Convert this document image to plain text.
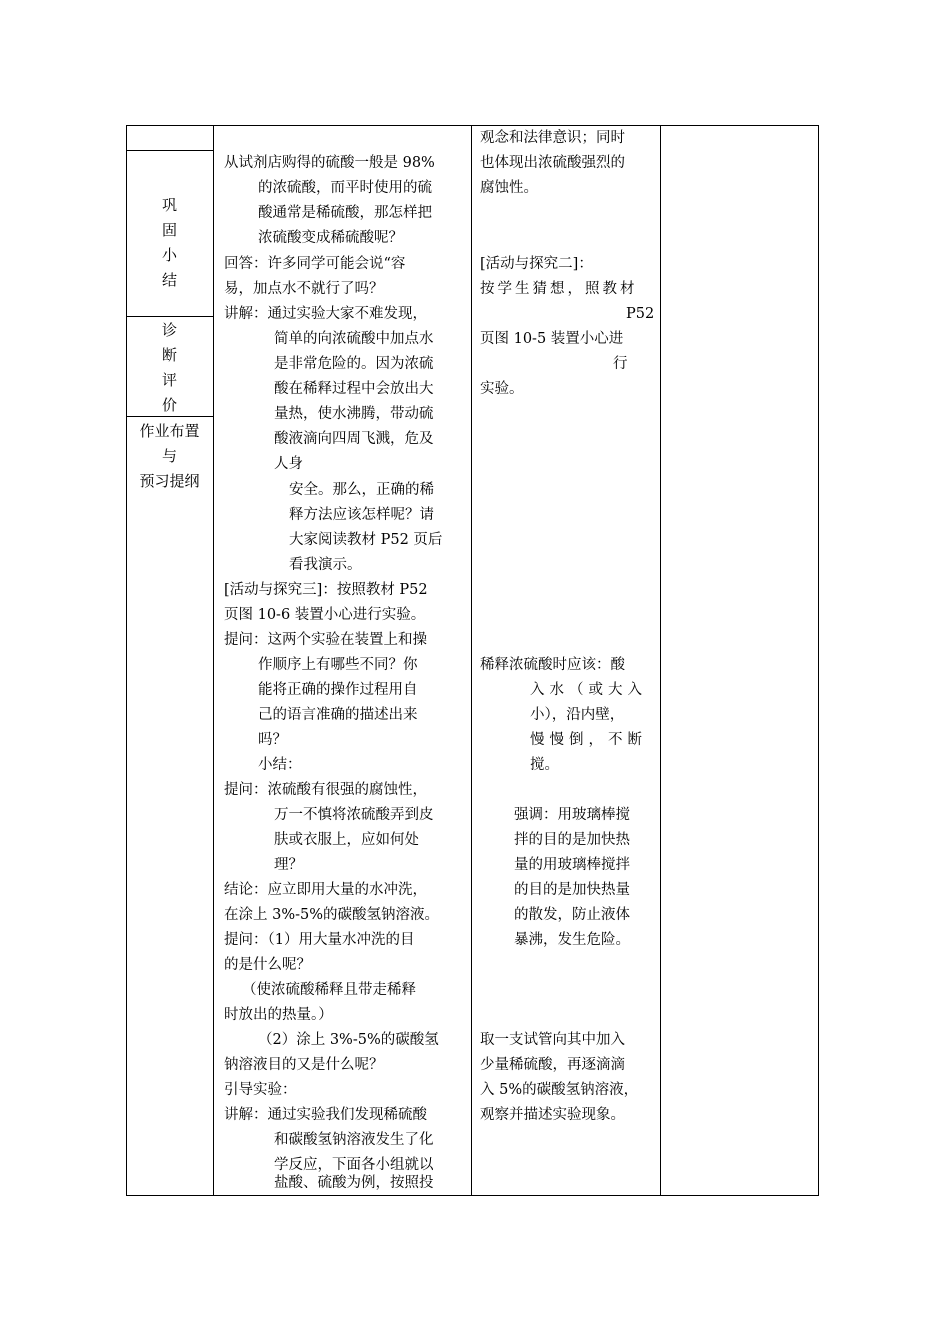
巩
固
小
结
诊
断
评
价
作业布置
与
预习提纲
从试剂店购得的硫酸一般是 98%
的浓硫酸，而平时使用的硫
酸通常是稀硫酸，那怎样把
浓硫酸变成稀硫酸呢？
回答：许多同学可能会说“容
易，加点水不就行了吗？
讲解：通过实验大家不难发现，
简单的向浓硫酸中加点水
是非常危险的。因为浓硫
酸在稀释过程中会放出大
量热，使水沸腾，带动硫
酸液滴向四周飞溅，危及
人身
安全。那么，正确的稀
释方法应该怎样呢？请
大家阅读教材 P52 页后
看我演示。
[活动与探究三]：按照教材 P52
页图 10-6 装置小心进行实验。
提问：这两个实验在装置上和操
作顺序上有哪些不同？你
能将正确的操作过程用自
己的语言准确的描述出来
吗？
小结：
提问：浓硫酸有很强的腐蚀性，
万一不慎将浓硫酸弄到皮
肤或衣服上，应如何处
理？
结论：应立即用大量的水冲洗，
在涂上 3%-5%的碳酸氢钠溶液。
提问：（1）用大量水冲洗的目
的是什么呢？
（使浓硫酸稀释且带走稀释
时放出的热量。）
（2）涂上 3%-5%的碳酸氢
钠溶液目的又是什么呢？
引导实验：
讲解：通过实验我们发现稀硫酸
和碳酸氢钠溶液发生了化
学反应，下面各小组就以
盐酸、硫酸为例，按照投
观念和法律意识；同时
也体现出浓硫酸强烈的
腐蚀性。
[活动与探究二]：
按学生猜想，照教材
P52
页图 10-5 装置小心进
行
实验。
稀释浓硫酸时应该：酸
入水（或大入
小），沿内壁，
慢慢倒，不断
搅。
强调：用玻璃棒搅
拌的目的是加快热
量的用玻璃棒搅拌
的目的是加快热量
的散发，防止液体
暴沸，发生危险。
取一支试管向其中加入
少量稀硫酸，再逐滴滴
入 5%的碳酸氢钠溶液，
观察并描述实验现象。
